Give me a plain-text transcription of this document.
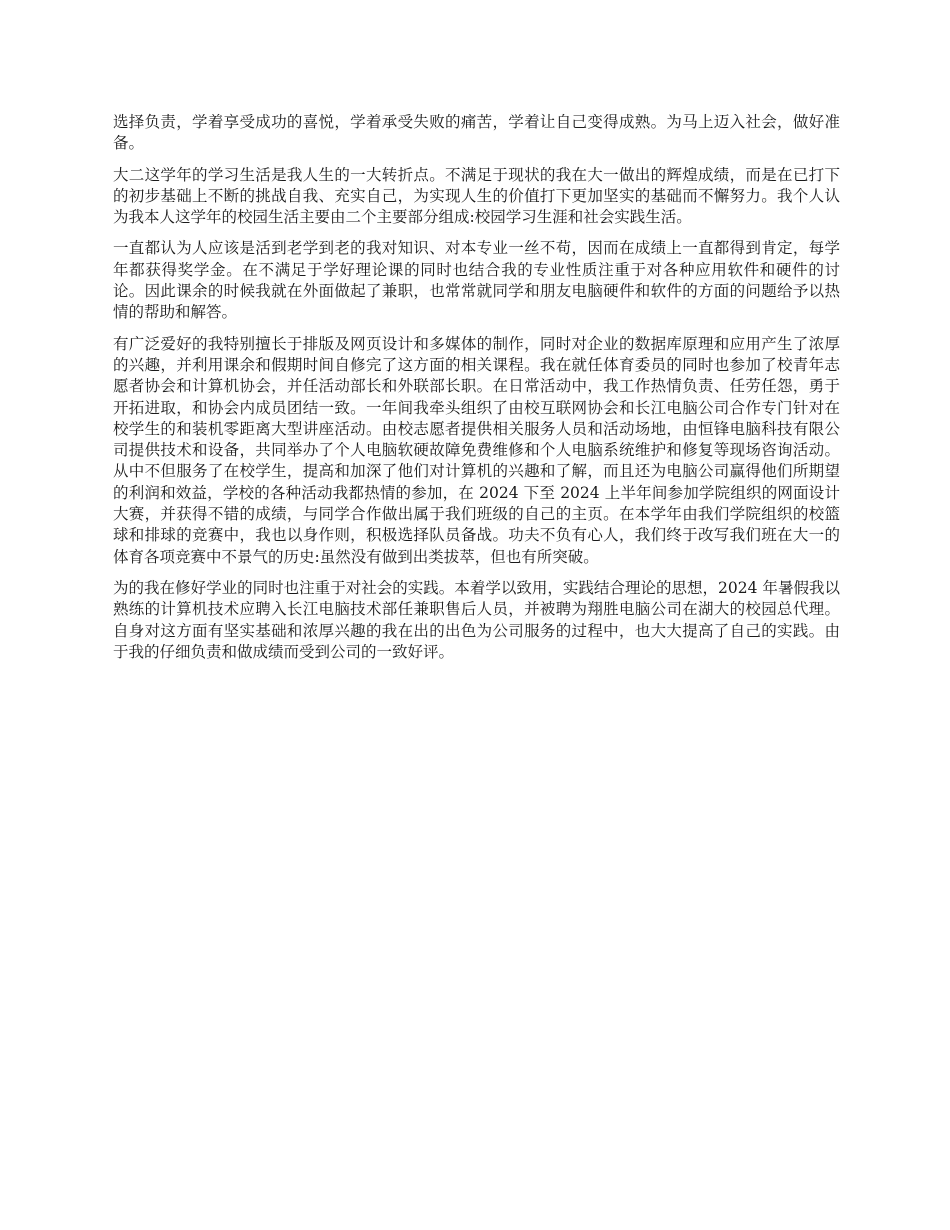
选择负责，学着享受成功的喜悦，学着承受失败的痛苦，学着让自己变得成熟。为马上迈入社会，做好准备。

大二这学年的学习生活是我人生的一大转折点。不满足于现状的我在大一做出的辉煌成绩，而是在已打下的初步基础上不断的挑战自我、充实自己，为实现人生的价值打下更加坚实的基础而不懈努力。我个人认为我本人这学年的校园生活主要由二个主要部分组成:校园学习生涯和社会实践生活。

一直都认为人应该是活到老学到老的我对知识、对本专业一丝不苟，因而在成绩上一直都得到肯定，每学年都获得奖学金。在不满足于学好理论课的同时也结合我的专业性质注重于对各种应用软件和硬件的讨论。因此课余的时候我就在外面做起了兼职，也常常就同学和朋友电脑硬件和软件的方面的问题给予以热情的帮助和解答。

有广泛爱好的我特别擅长于排版及网页设计和多媒体的制作，同时对企业的数据库原理和应用产生了浓厚的兴趣，并利用课余和假期时间自修完了这方面的相关课程。我在就任体育委员的同时也参加了校青年志愿者协会和计算机协会，并任活动部长和外联部长职。在日常活动中，我工作热情负责、任劳任怨，勇于开拓进取，和协会内成员团结一致。一年间我牵头组织了由校互联网协会和长江电脑公司合作专门针对在校学生的和装机零距离大型讲座活动。由校志愿者提供相关服务人员和活动场地，由恒锋电脑科技有限公司提供技术和设备，共同举办了个人电脑软硬故障免费维修和个人电脑系统维护和修复等现场咨询活动。从中不但服务了在校学生，提高和加深了他们对计算机的兴趣和了解，而且还为电脑公司赢得他们所期望的利润和效益，学校的各种活动我都热情的参加，在 2024 下至 2024 上半年间参加学院组织的网面设计大赛，并获得不错的成绩，与同学合作做出属于我们班级的自己的主页。在本学年由我们学院组织的校篮球和排球的竞赛中，我也以身作则，积极选择队员备战。功夫不负有心人，我们终于改写我们班在大一的体育各项竞赛中不景气的历史:虽然没有做到出类拔萃，但也有所突破。

为的我在修好学业的同时也注重于对社会的实践。本着学以致用，实践结合理论的思想，2024 年暑假我以熟练的计算机技术应聘入长江电脑技术部任兼职售后人员，并被聘为翔胜电脑公司在湖大的校园总代理。自身对这方面有坚实基础和浓厚兴趣的我在出的出色为公司服务的过程中，也大大提高了自己的实践。由于我的仔细负责和做成绩而受到公司的一致好评。
